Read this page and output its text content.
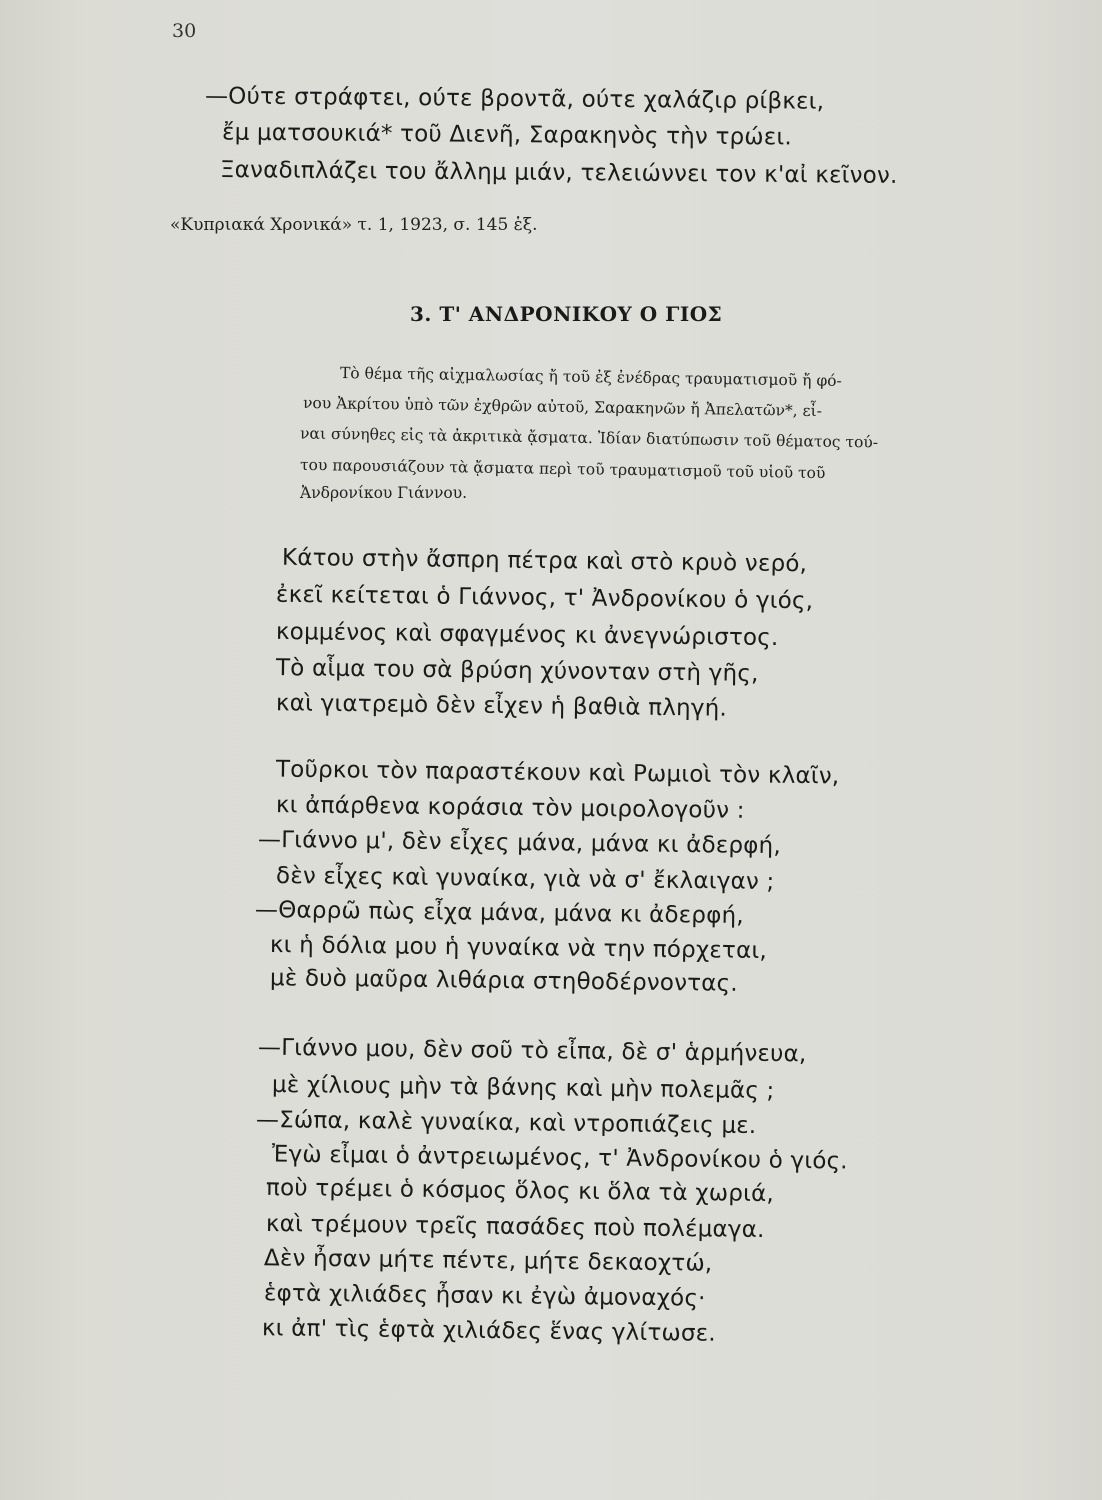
30
—Ούτε στράφτει, ούτε βροντᾶ, ούτε χαλάζιρ ρίβκει,
ἔμ ματσουκιά* τοῦ Διενῆ, Σαρακηνὸς τὴν τρώει.
Ξαναδιπλάζει του ἄλλημ μιάν, τελειώννει τον κ'αἰ κεῖνον.
«Κυπριακά Χρονικά» τ. 1, 1923, σ. 145 ἑξ.
3. Τ' ΑΝΔΡΟΝΙΚΟΥ Ο ΓΙΟΣ
Τὸ θέμα τῆς αἰχμαλωσίας ἤ τοῦ ἐξ ἐνέδρας τραυματισμοῦ ἤ φό-
νου Ἀκρίτου ὑπὸ τῶν ἐχθρῶν αὐτοῦ, Σαρακηνῶν ἤ Ἀπελατῶν*, εἶ-
ναι σύνηθες εἰς τὰ ἀκριτικὰ ᾄσματα. Ἰδίαν διατύπωσιν τοῦ θέματος τού-
του παρουσιάζουν τὰ ᾄσματα περὶ τοῦ τραυματισμοῦ τοῦ υἱοῦ τοῦ
Ἀνδρονίκου Γιάννου.
Κάτου στὴν ἄσπρη πέτρα καὶ στὸ κρυὸ νερό,
ἐκεῖ κείτεται ὁ Γιάννος, τ' Ἀνδρονίκου ὁ γιός,
κομμένος καὶ σφαγμένος κι ἀνεγνώριστος.
Τὸ αἷμα του σὰ βρύση χύνονταν στὴ γῆς,
καὶ γιατρεμὸ δὲν εἶχεν ἡ βαθιὰ πληγή.
Τοῦρκοι τὸν παραστέκουν καὶ Ρωμιοὶ τὸν κλαῖν,
κι ἀπάρθενα κοράσια τὸν μοιρολογοῦν :
—Γιάννο μ', δὲν εἶχες μάνα, μάνα κι ἀδερφή,
δὲν εἶχες καὶ γυναίκα, γιὰ νὰ σ' ἔκλαιγαν ;
—Θαρρῶ πὼς εἶχα μάνα, μάνα κι ἀδερφή,
κι ἡ δόλια μου ἡ γυναίκα νὰ την πόρχεται,
μὲ δυὸ μαῦρα λιθάρια στηθοδέρνοντας.
—Γιάννο μου, δὲν σοῦ τὸ εἶπα, δὲ σ' ἁρμήνευα,
μὲ χίλιους μὴν τὰ βάνης καὶ μὴν πολεμᾶς ;
—Σώπα, καλὲ γυναίκα, καὶ ντροπιάζεις με.
Ἐγὼ εἶμαι ὁ ἀντρειωμένος, τ' Ἀνδρονίκου ὁ γιός.
ποὺ τρέμει ὁ κόσμος ὅλος κι ὅλα τὰ χωριά,
καὶ τρέμουν τρεῖς πασάδες ποὺ πολέμαγα.
Δὲν ἦσαν μήτε πέντε, μήτε δεκαοχτώ,
ἑφτὰ χιλιάδες ἦσαν κι ἐγὼ ἀμοναχός·
κι ἀπ' τὶς ἑφτὰ χιλιάδες ἕνας γλίτωσε.
